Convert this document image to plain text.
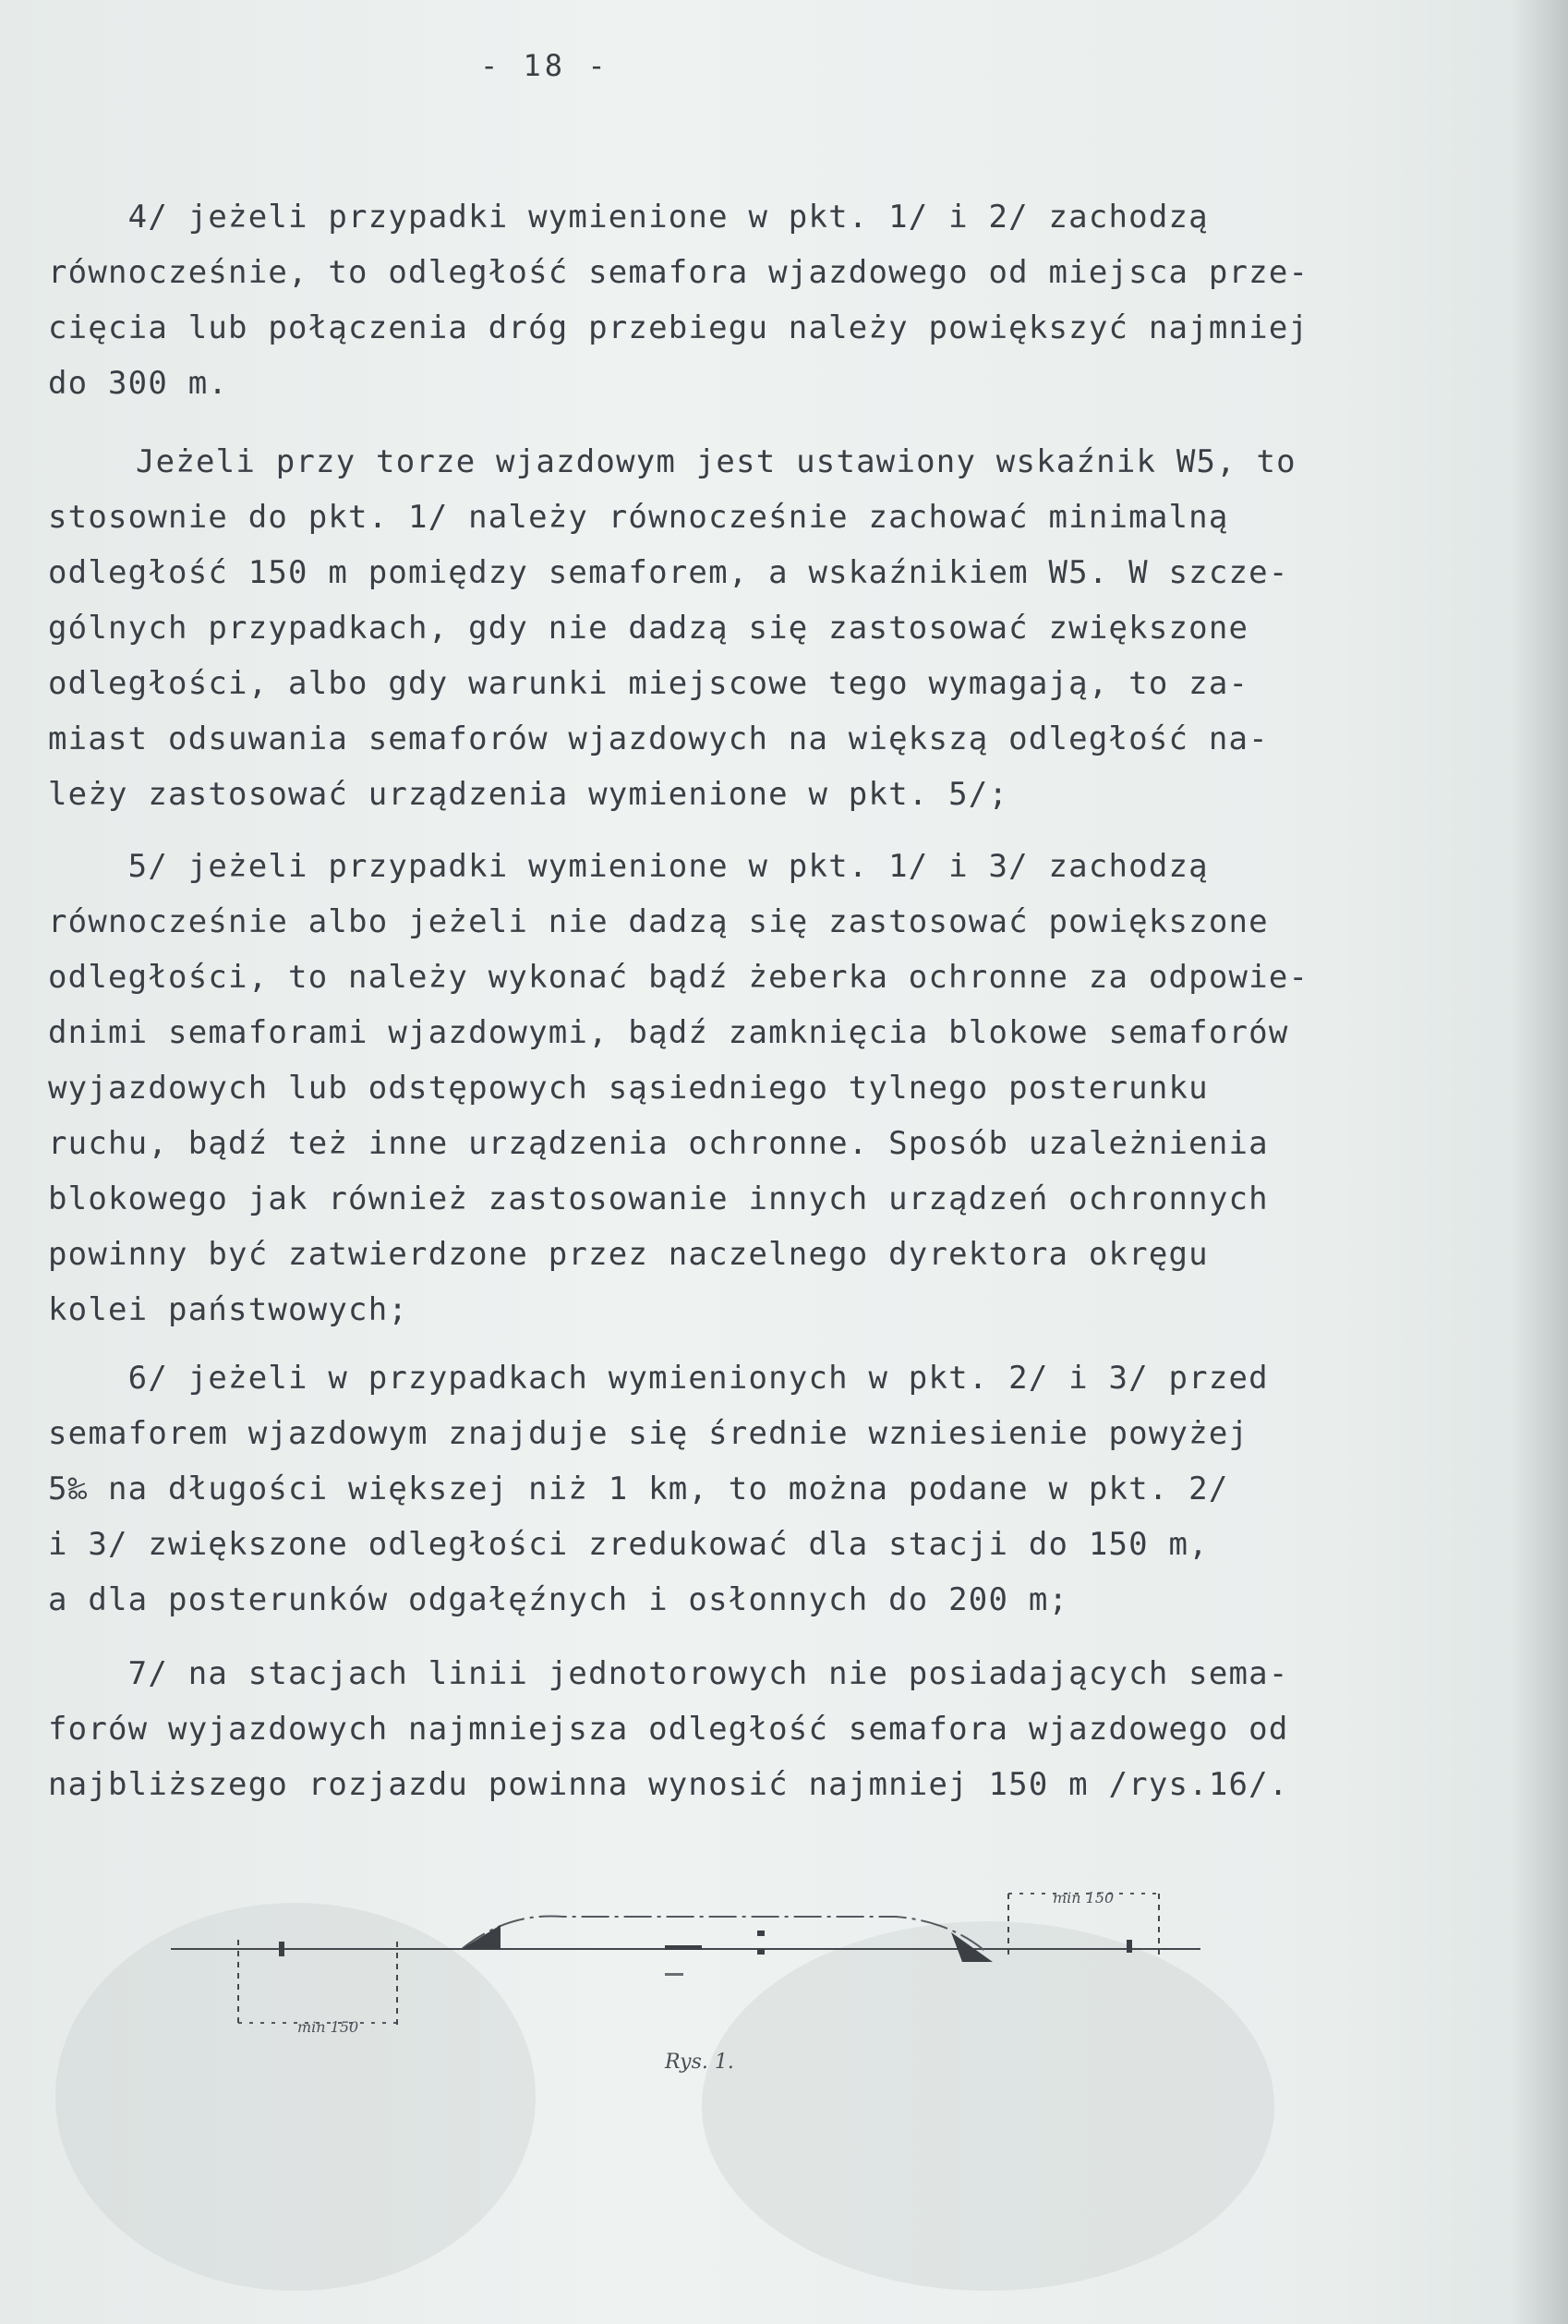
- 18 -
4/ jeżeli przypadki wymienione w pkt. 1/ i 2/ zachodzą
równocześnie, to odległość semafora wjazdowego od miejsca prze-
cięcia lub połączenia dróg przebiegu należy powiększyć najmniej
do 300 m.
Jeżeli przy torze wjazdowym jest ustawiony wskaźnik W5, to
stosownie do pkt. 1/ należy równocześnie zachować minimalną
odległość 150 m pomiędzy semaforem, a wskaźnikiem W5. W szcze-
gólnych przypadkach, gdy nie dadzą się zastosować zwiększone
odległości, albo gdy warunki miejscowe tego wymagają, to za-
miast odsuwania semaforów wjazdowych na większą odległość na-
leży zastosować urządzenia wymienione w pkt. 5/;
5/ jeżeli przypadki wymienione w pkt. 1/ i 3/ zachodzą
równocześnie albo jeżeli nie dadzą się zastosować powiększone
odległości, to należy wykonać bądź żeberka ochronne za odpowie-
dnimi semaforami wjazdowymi, bądź zamknięcia blokowe semaforów
wyjazdowych lub odstępowych sąsiedniego tylnego posterunku
ruchu, bądź też inne urządzenia ochronne. Sposób uzależnienia
blokowego jak również zastosowanie innych urządzeń ochronnych
powinny być zatwierdzone przez naczelnego dyrektora okręgu
kolei państwowych;
6/ jeżeli w przypadkach wymienionych w pkt. 2/ i 3/ przed
semaforem wjazdowym znajduje się średnie wzniesienie powyżej
5‰ na długości większej niż 1 km, to można podane w pkt. 2/
i 3/ zwiększone odległości zredukować dla stacji do 150 m,
a dla posterunków odgałęźnych i osłonnych do 200 m;
7/ na stacjach linii jednotorowych nie posiadających sema-
forów wyjazdowych najmniejsza odległość semafora wjazdowego od
najbliższego rozjazdu powinna wynosić najmniej 150 m /rys.16/.
min 150
min 150
Rys. 1.
